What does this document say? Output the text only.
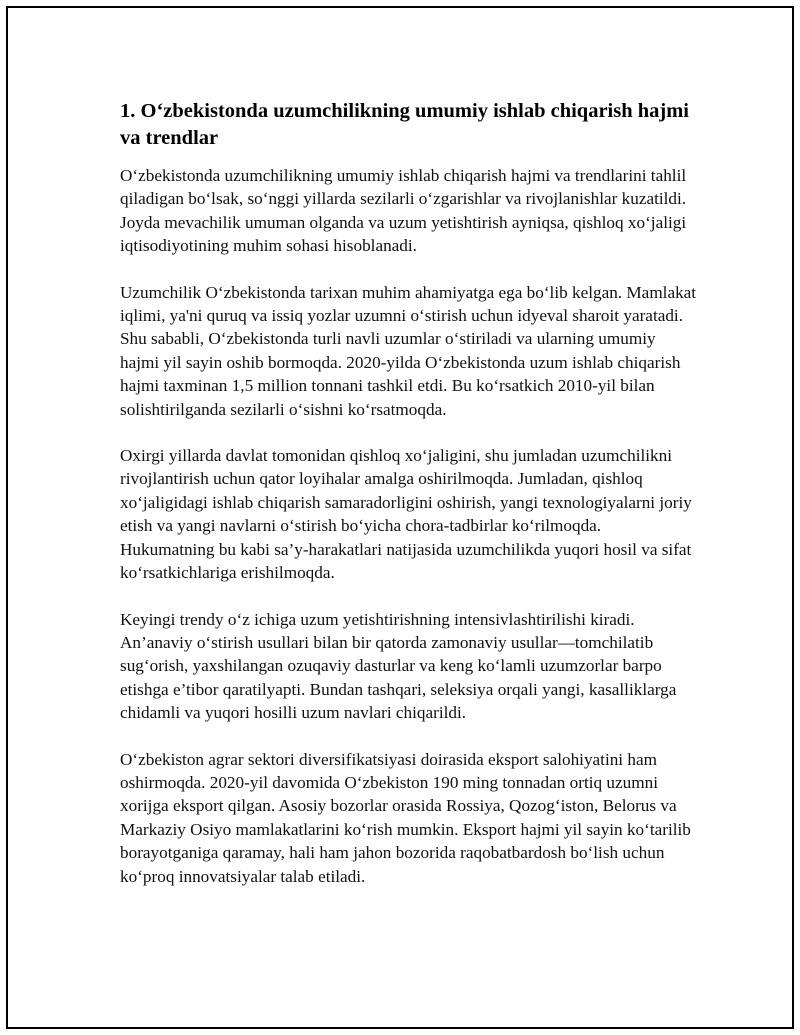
1. O‘zbekistonda uzumchilikning umumiy ishlab chiqarish hajmi va trendlar

O‘zbekistonda uzumchilikning umumiy ishlab chiqarish hajmi va trendlarini tahlil qiladigan bo‘lsak, so‘nggi yillarda sezilarli o‘zgarishlar va rivojlanishlar kuzatildi. Joyda mevachilik umuman olganda va uzum yetishtirish ayniqsa, qishloq xo‘jaligi iqtisodiyotining muhim sohasi hisoblanadi.

Uzumchilik O‘zbekistonda tarixan muhim ahamiyatga ega bo‘lib kelgan. Mamlakat iqlimi, ya'ni quruq va issiq yozlar uzumni o‘stirish uchun idyeval sharoit yaratadi. Shu sababli, O‘zbekistonda turli navli uzumlar o‘stiriladi va ularning umumiy hajmi yil sayin oshib bormoqda. 2020-yilda O‘zbekistonda uzum ishlab chiqarish hajmi taxminan 1,5 million tonnani tashkil etdi. Bu ko‘rsatkich 2010-yil bilan solishtirilganda sezilarli o‘sishni ko‘rsatmoqda.

Oxirgi yillarda davlat tomonidan qishloq xo‘jaligini, shu jumladan uzumchilikni rivojlantirish uchun qator loyihalar amalga oshirilmoqda. Jumladan, qishloq xo‘jaligidagi ishlab chiqarish samaradorligini oshirish, yangi texnologiyalarni joriy etish va yangi navlarni o‘stirish bo‘yicha chora-tadbirlar ko‘rilmoqda. Hukumatning bu kabi sa’y-harakatlari natijasida uzumchilikda yuqori hosil va sifat ko‘rsatkichlariga erishilmoqda.

Keyingi trendy o‘z ichiga uzum yetishtirishning intensivlashtirilishi kiradi. An’anaviy o‘stirish usullari bilan bir qatorda zamonaviy usullar—tomchilatib sug‘orish, yaxshilangan ozuqaviy dasturlar va keng ko‘lamli uzumzorlar barpo etishga e’tibor qaratilyapti. Bundan tashqari, seleksiya orqali yangi, kasalliklarga chidamli va yuqori hosilli uzum navlari chiqarildi.

O‘zbekiston agrar sektori diversifikatsiyasi doirasida eksport salohiyatini ham oshirmoqda. 2020-yil davomida O‘zbekiston 190 ming tonnadan ortiq uzumni xorijga eksport qilgan. Asosiy bozorlar orasida Rossiya, Qozog‘iston, Belorus va Markaziy Osiyo mamlakatlarini ko‘rish mumkin. Eksport hajmi yil sayin ko‘tarilib borayotganiga qaramay, hali ham jahon bozorida raqobatbardosh bo‘lish uchun ko‘proq innovatsiyalar talab etiladi.
